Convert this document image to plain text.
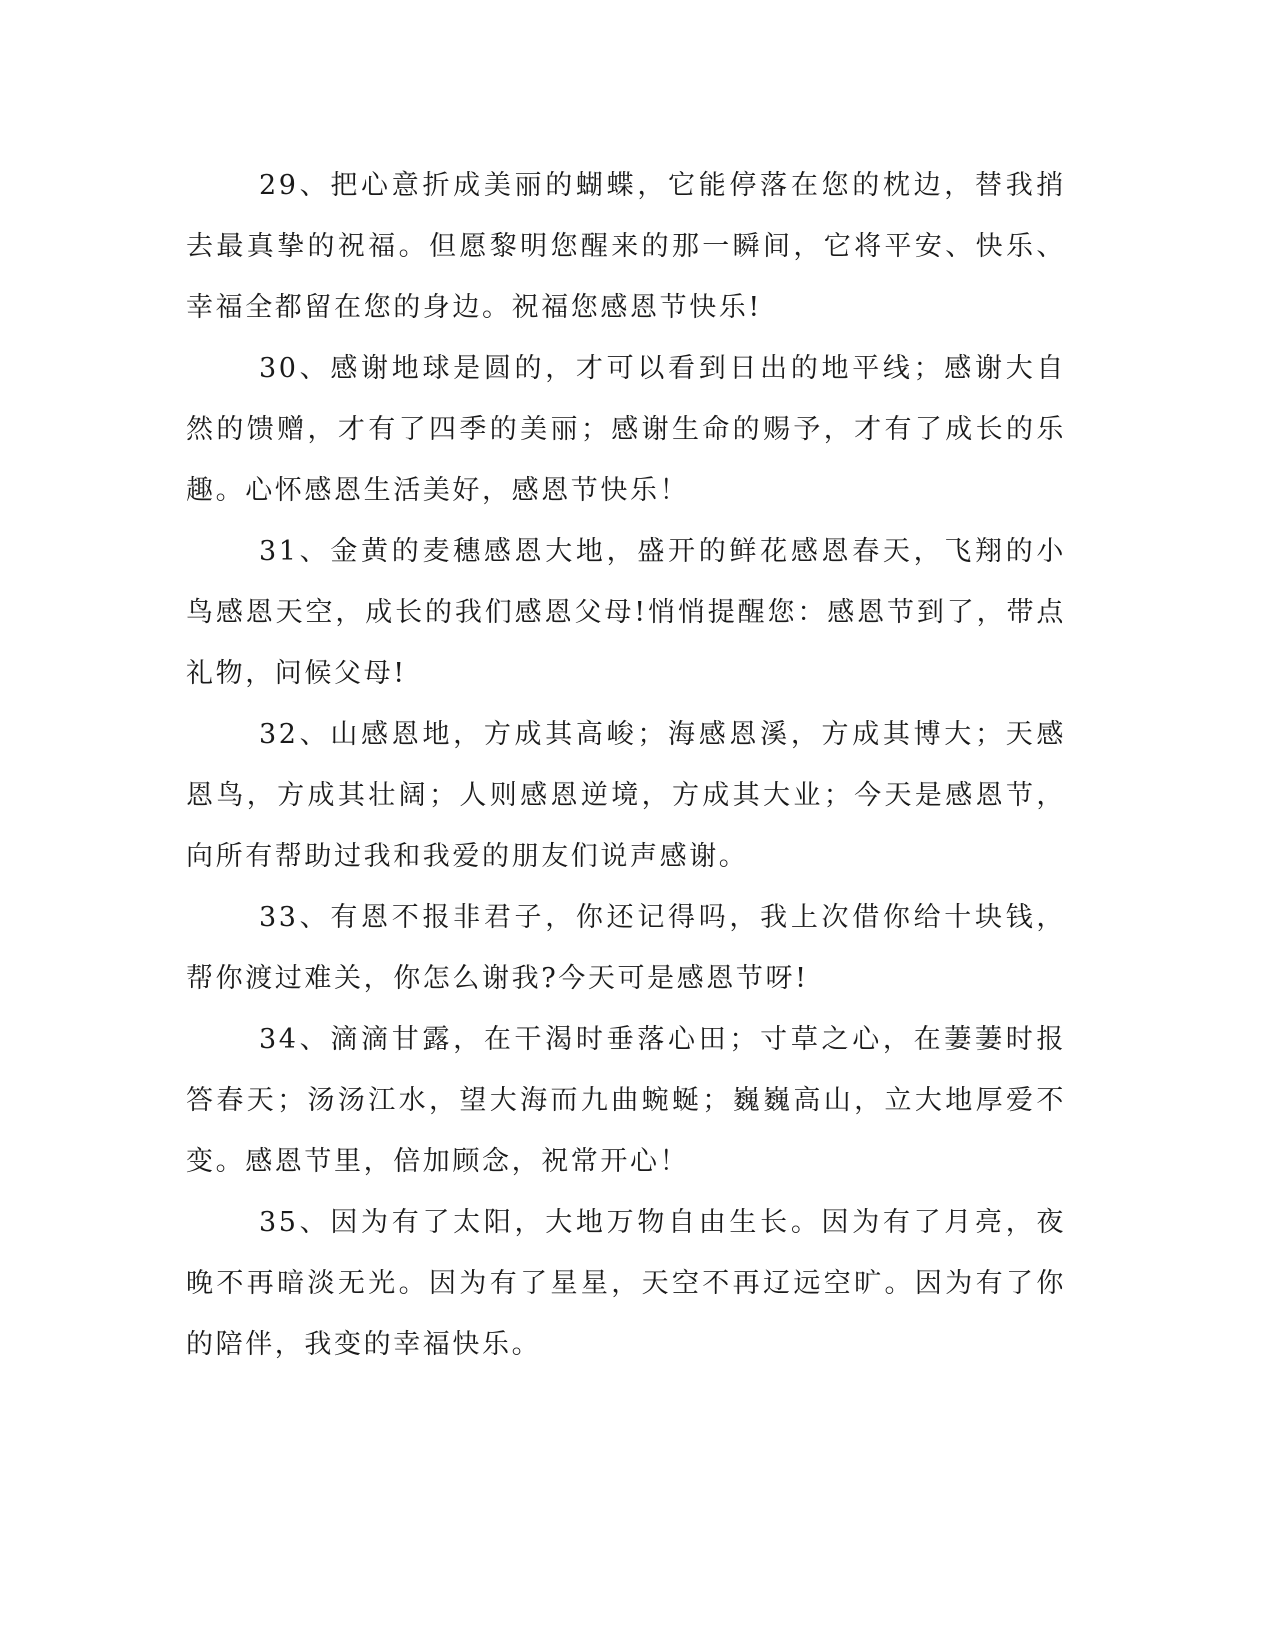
29、把心意折成美丽的蝴蝶，它能停落在您的枕边，替我捎去最真挚的祝福。但愿黎明您醒来的那一瞬间，它将平安、快乐、幸福全都留在您的身边。祝福您感恩节快乐!

30、感谢地球是圆的，才可以看到日出的地平线；感谢大自然的馈赠，才有了四季的美丽；感谢生命的赐予，才有了成长的乐趣。心怀感恩生活美好，感恩节快乐！

31、金黄的麦穗感恩大地，盛开的鲜花感恩春天，飞翔的小鸟感恩天空，成长的我们感恩父母!悄悄提醒您：感恩节到了，带点礼物，问候父母!

32、山感恩地，方成其高峻；海感恩溪，方成其博大；天感恩鸟，方成其壮阔；人则感恩逆境，方成其大业；今天是感恩节，向所有帮助过我和我爱的朋友们说声感谢。

33、有恩不报非君子，你还记得吗，我上次借你给十块钱，帮你渡过难关，你怎么谢我?今天可是感恩节呀!

34、滴滴甘露，在干渴时垂落心田；寸草之心，在萋萋时报答春天；汤汤江水，望大海而九曲蜿蜒；巍巍高山，立大地厚爱不变。感恩节里，倍加顾念，祝常开心！

35、因为有了太阳，大地万物自由生长。因为有了月亮，夜晚不再暗淡无光。因为有了星星，天空不再辽远空旷。因为有了你的陪伴，我变的幸福快乐。
